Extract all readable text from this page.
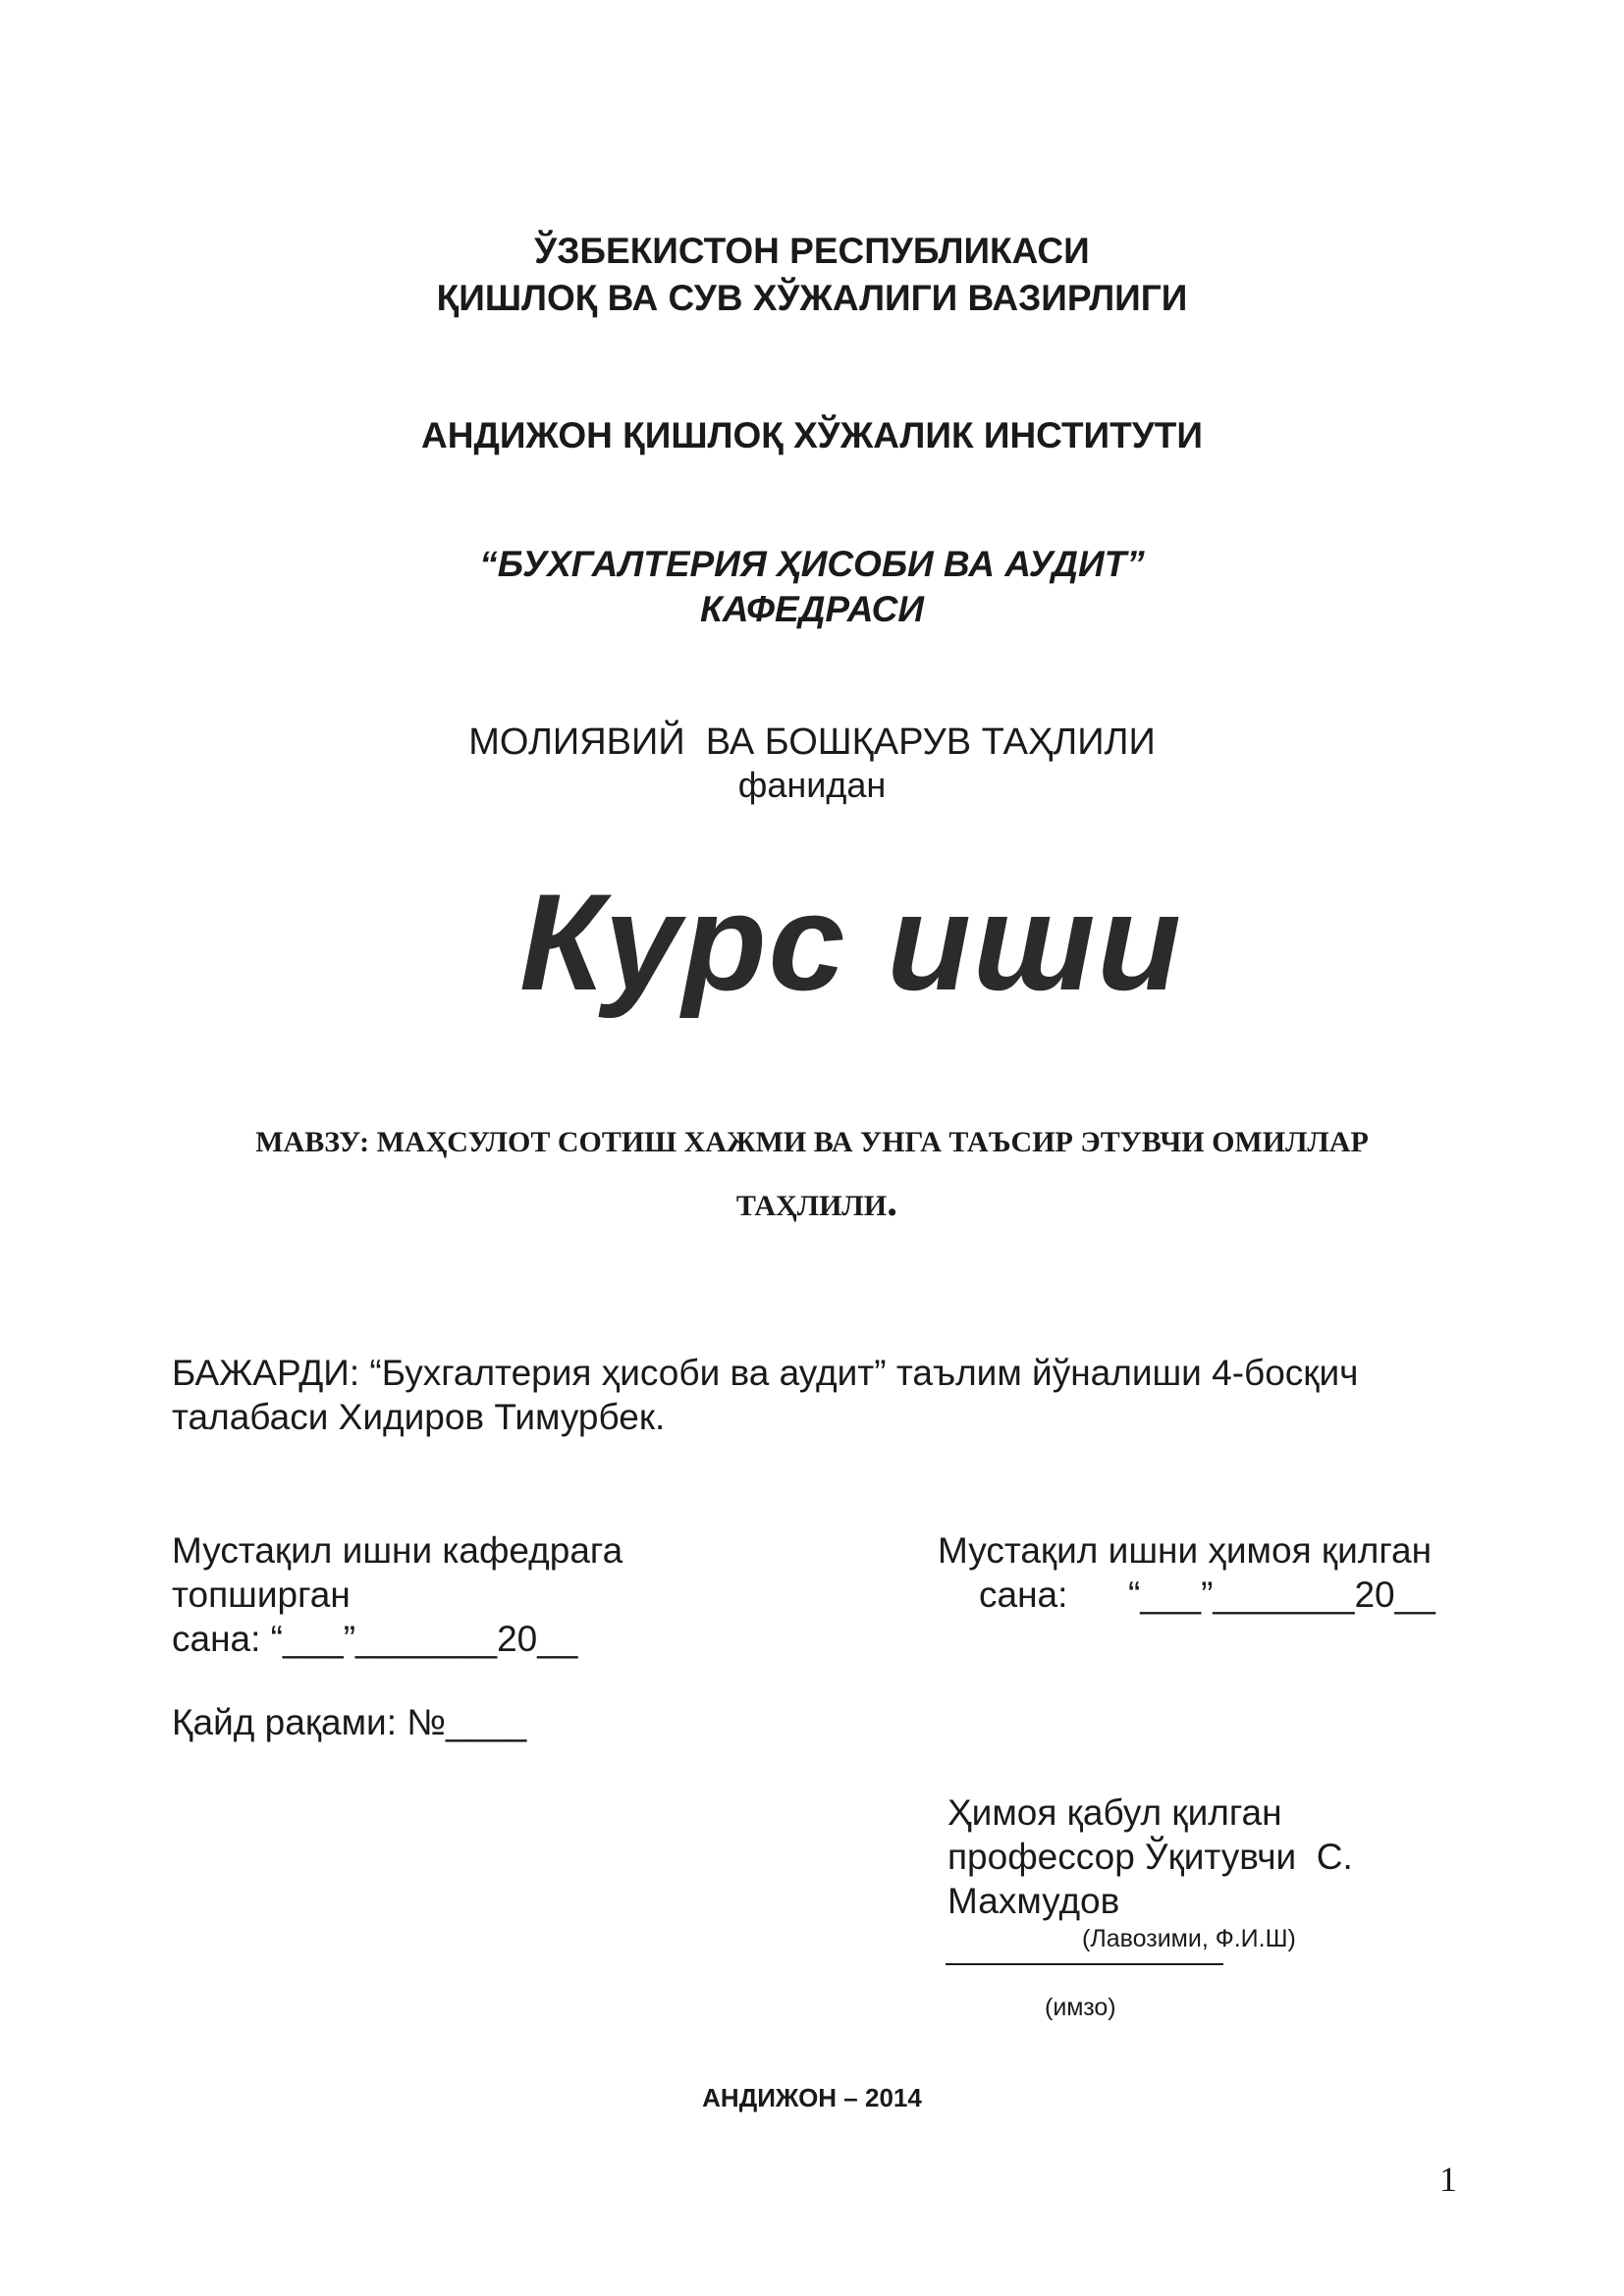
ЎЗБЕКИСТОН РЕСПУБЛИКАСИ
ҚИШЛОҚ ВА СУВ ХЎЖАЛИГИ ВАЗИРЛИГИ
АНДИЖОН ҚИШЛОҚ ХЎЖАЛИК ИНСТИТУТИ
“БУХГАЛТЕРИЯ ҲИСОБИ ВА АУДИТ”
КАФЕДРАСИ
МОЛИЯВИЙ  ВА БОШҚАРУВ ТАҲЛИЛИ
фанидан
Курс иши
МАВЗУ: МАҲСУЛОТ СОТИШ ХАЖМИ ВА УНГА ТАЪСИР ЭТУВЧИ ОМИЛЛАР
ТАҲЛИЛИ.
БАЖАРДИ: “Бухгалтерия ҳисоби ва аудит” таълим йўналиши 4-босқич
талабаси Хидиров Тимурбек.
Мустақил ишни кафедрага
топширган
сана: “___”_______20__
Мустақил ишни ҳимоя қилган
сана:      “___”_______20__
Қайд рақами: №____
Ҳимоя қабул қилган
профессор Ўқитувчи  С.
Махмудов
(Лавозими, Ф.И.Ш)
(имзо)
АНДИЖОН – 2014
1
